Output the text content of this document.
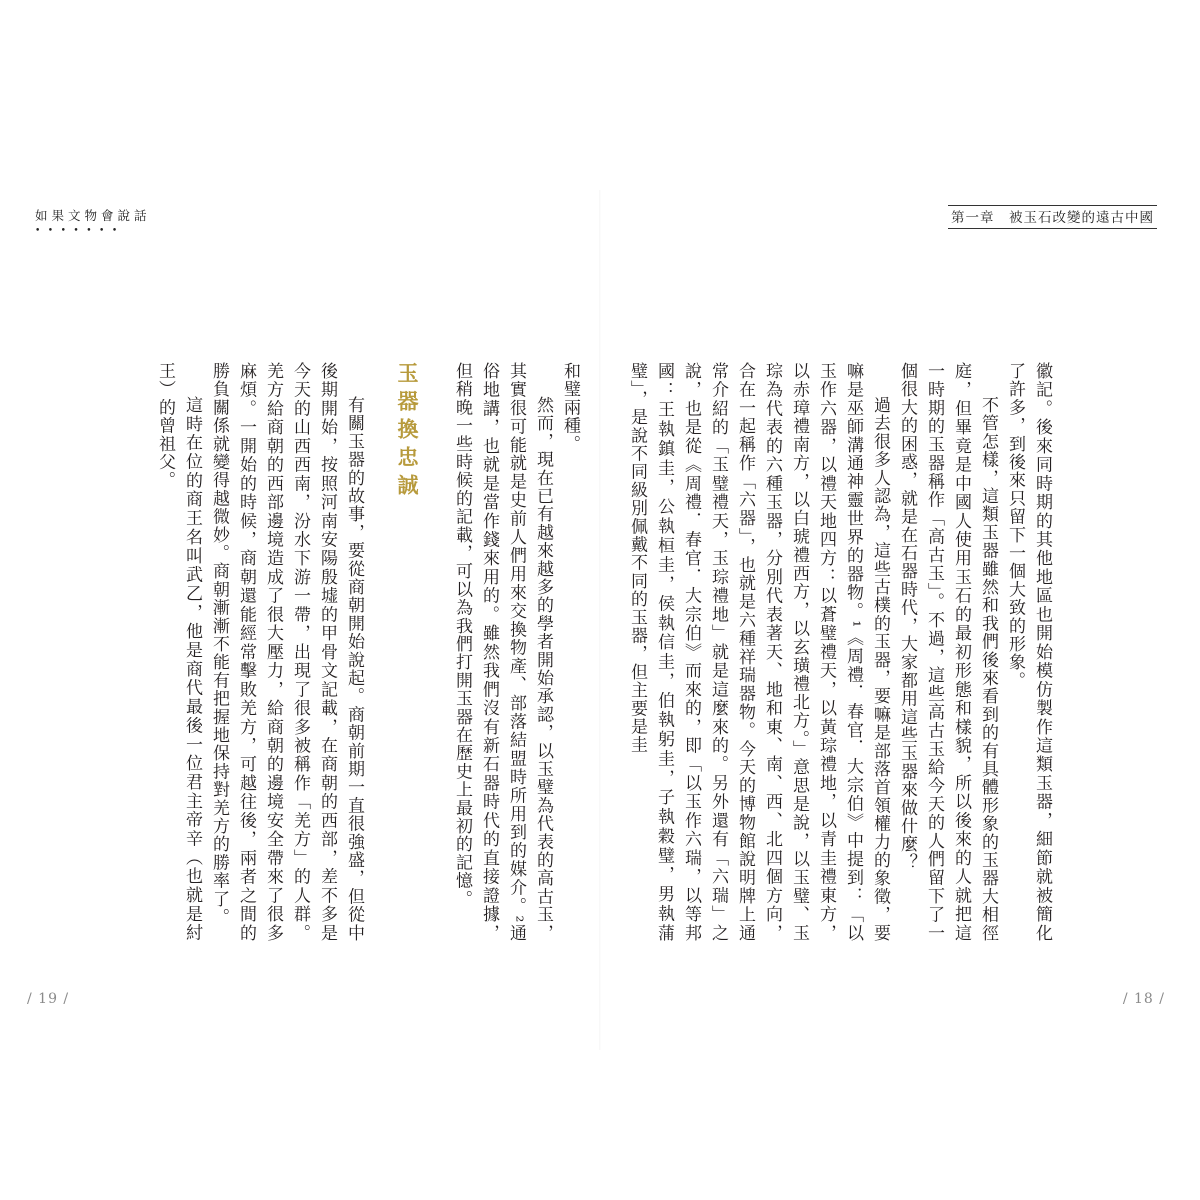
如果文物會說話
•••••••
第一章　被玉石改變的遠古中國

徽記。後來同時期的其他地區也開始模仿製作這類玉器，細節就被簡化了許多，到後來只留下一個大致的形象。

不管怎樣，這類玉器雖然和我們後來看到的有具體形象的玉器大相徑庭，但畢竟是中國人使用玉石的最初形態和樣貌，所以後來的人就把這一時期的玉器稱作「高古玉」。不過，這些高古玉給今天的人們留下了一個很大的困惑，就是在石器時代，大家都用這些玉器來做什麼？

過去很多人認為，這些古樸的玉器，要嘛是部落首領權力的象徵，要嘛是巫師溝通神靈世界的器物。¹《周禮．春官．大宗伯》中提到：「以玉作六器，以禮天地四方：以蒼璧禮天，以黃琮禮地，以青圭禮東方，以赤璋禮南方，以白琥禮西方，以玄璜禮北方。」意思是說，以玉璧、玉琮為代表的六種玉器，分別代表著天、地和東、南、西、北四個方向，合在一起稱作「六器」，也就是六種祥瑞器物。今天的博物館說明牌上通常介紹的「玉璧禮天，玉琮禮地」就是這麼來的。另外還有「六瑞」之說，也是從《周禮．春官．大宗伯》而來的，即「以玉作六瑞，以等邦國：王執鎮圭，公執桓圭，侯執信圭，伯執躬圭，子執穀璧，男執蒲璧」，是說不同級別佩戴不同的玉器，但主要是圭

和璧兩種。

然而，現在已有越來越多的學者開始承認，以玉璧為代表的高古玉，其實很可能就是史前人們用來交換物產、部落結盟時所用到的媒介。²通俗地講，也就是當作錢來用的。雖然我們沒有新石器時代的直接證據，但稍晚一些時候的記載，可以為我們打開玉器在歷史上最初的記憶。

玉器換忠誠

有關玉器的故事，要從商朝開始說起。商朝前期一直很強盛，但從中後期開始，按照河南安陽殷墟的甲骨文記載，在商朝的西部，差不多是今天的山西西南，汾水下游一帶，出現了很多被稱作「羌方」的人群。羌方給商朝的西部邊境造成了很大壓力，給商朝的邊境安全帶來了很多麻煩。一開始的時候，商朝還能經常擊敗羌方，可越往後，兩者之間的勝負關係就變得越微妙。商朝漸漸不能有把握地保持對羌方的勝率了。

這時在位的商王名叫武乙，他是商代最後一位君主帝辛（也就是紂王）的曾祖父。

/ 19 /	/ 18 /
